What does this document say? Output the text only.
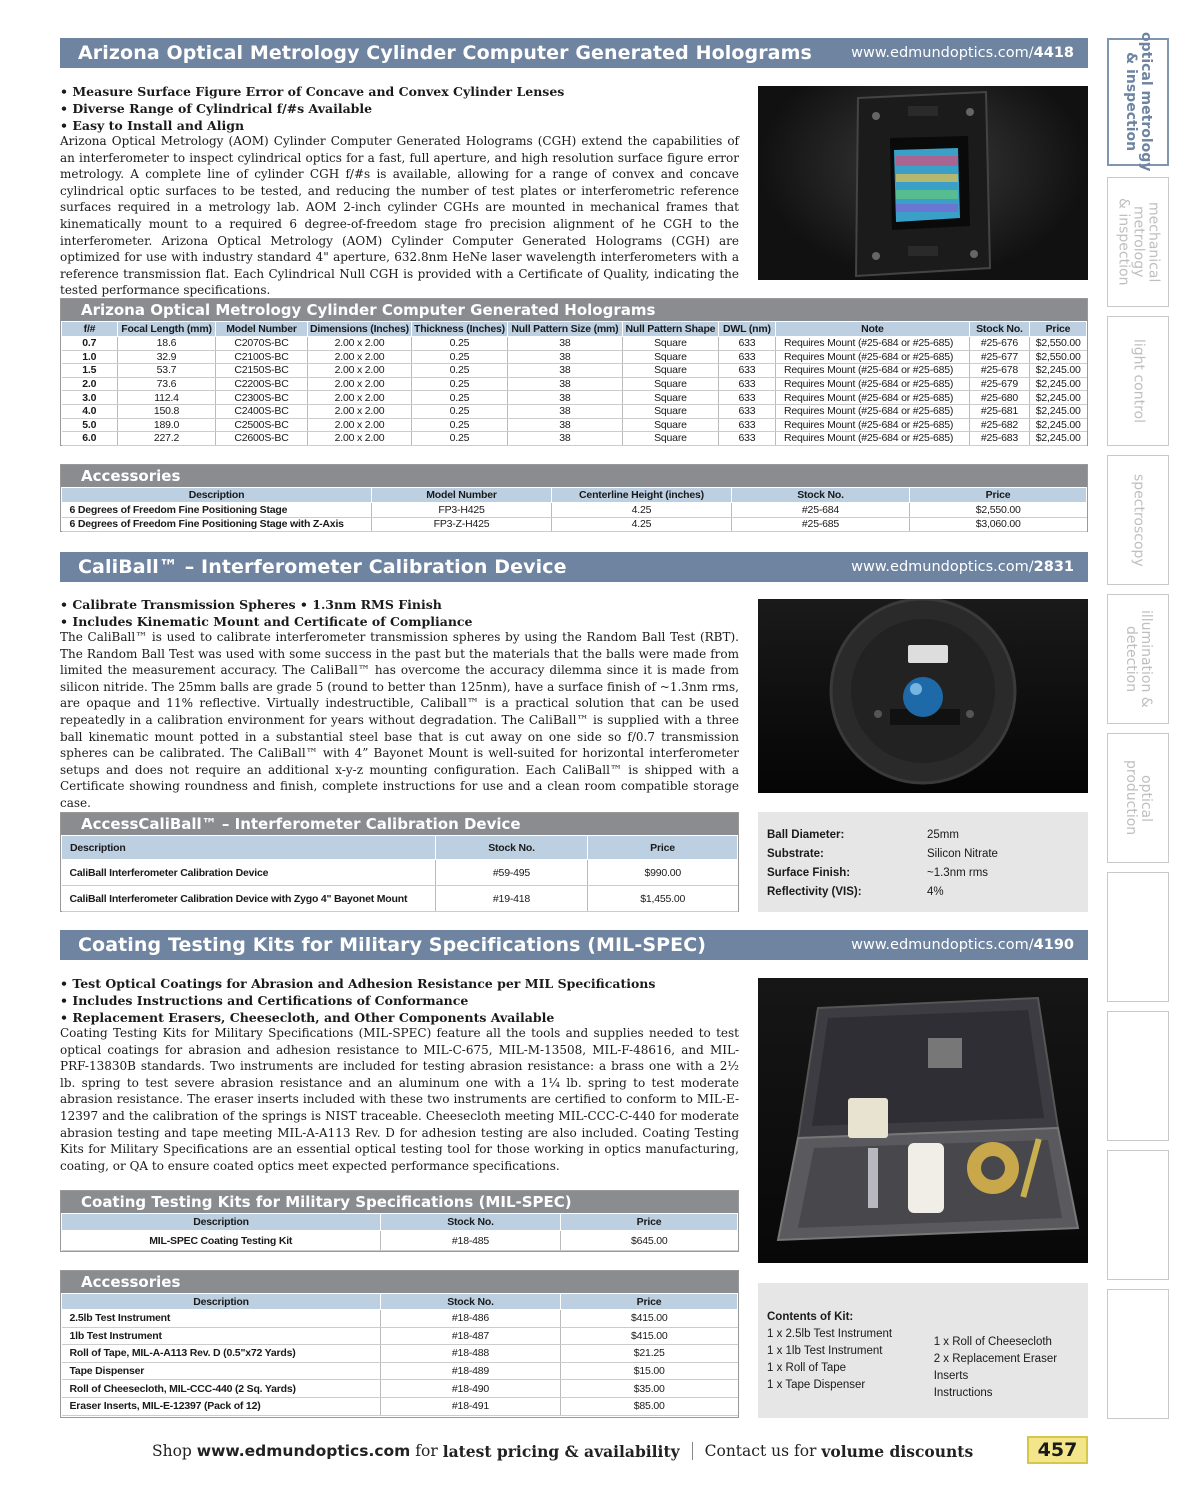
Arizona Optical Metrology Cylinder Computer Generated Holograms	www.edmundoptics.com/4418
• Measure Surface Figure Error of Concave and Convex Cylinder Lenses
• Diverse Range of Cylindrical f/#s Available
• Easy to Install and Align
Arizona Optical Metrology (AOM) Cylinder Computer Generated Holograms (CGH) extend the capabilities of an interferometer to inspect cylindrical optics for a fast, full aperture, and high resolution surface figure error metrology. A complete line of cylinder CGH f/#s is available, allowing for a range of convex and concave cylindrical optic surfaces to be tested, and reducing the number of test plates or interferometric reference surfaces required in a metrology lab. AOM 2-inch cylinder CGHs are mounted in mechanical frames that kinematically mount to a required 6 degree-of-freedom stage fro precision alignment of he CGH to the interferometer. Arizona Optical Metrology (AOM) Cylinder Computer Generated Holograms (CGH) are optimized for use with industry standard 4" aperture, 632.8nm HeNe laser wavelength interferometers with a reference transmission flat. Each Cylindrical Null CGH is provided with a Certificate of Quality, indicating the tested performance specifications.
Arizona Optical Metrology Cylinder Computer Generated Holograms
f/#	Focal Length (mm)	Model Number	Dimensions (Inches)	Thickness (Inches)	Null Pattern Size (mm)	Null Pattern Shape	DWL (nm)	Note	Stock No.	Price
0.7	18.6	C2070S-BC	2.00 x 2.00	0.25	38	Square	633	Requires Mount (#25-684 or #25-685)	#25-676	$2,550.00
1.0	32.9	C2100S-BC	2.00 x 2.00	0.25	38	Square	633	Requires Mount (#25-684 or #25-685)	#25-677	$2,550.00
1.5	53.7	C2150S-BC	2.00 x 2.00	0.25	38	Square	633	Requires Mount (#25-684 or #25-685)	#25-678	$2,245.00
2.0	73.6	C2200S-BC	2.00 x 2.00	0.25	38	Square	633	Requires Mount (#25-684 or #25-685)	#25-679	$2,245.00
3.0	112.4	C2300S-BC	2.00 x 2.00	0.25	38	Square	633	Requires Mount (#25-684 or #25-685)	#25-680	$2,245.00
4.0	150.8	C2400S-BC	2.00 x 2.00	0.25	38	Square	633	Requires Mount (#25-684 or #25-685)	#25-681	$2,245.00
5.0	189.0	C2500S-BC	2.00 x 2.00	0.25	38	Square	633	Requires Mount (#25-684 or #25-685)	#25-682	$2,245.00
6.0	227.2	C2600S-BC	2.00 x 2.00	0.25	38	Square	633	Requires Mount (#25-684 or #25-685)	#25-683	$2,245.00
Accessories
Description	Model Number	Centerline Height (inches)	Stock No.	Price
6 Degrees of Freedom Fine Positioning Stage	FP3-H425	4.25	#25-684	$2,550.00
6 Degrees of Freedom Fine Positioning Stage with Z-Axis	FP3-Z-H425	4.25	#25-685	$3,060.00
CaliBall™ – Interferometer Calibration Device	www.edmundoptics.com/2831
• Calibrate Transmission Spheres • 1.3nm RMS Finish
• Includes Kinematic Mount and Certificate of Compliance
The CaliBall™ is used to calibrate interferometer transmission spheres by using the Random Ball Test (RBT). The Random Ball Test was used with some success in the past but the materials that the balls were made from limited the measurement accuracy. The CaliBall™ has overcome the accuracy dilemma since it is made from silicon nitride. The 25mm balls are grade 5 (round to better than 125nm), have a surface finish of ~1.3nm rms, are opaque and 11% reflective. Virtually indestructible, Caliball™ is a practical solution that can be used repeatedly in a calibration environment for years without degradation. The CaliBall™ is supplied with a three ball kinematic mount potted in a substantial steel base that is cut away on one side so f/0.7 transmission spheres can be calibrated. The CaliBall™ with 4” Bayonet Mount is well-suited for horizontal interferometer setups and does not require an additional x-y-z mounting configuration. Each CaliBall™ is shipped with a Certificate showing roundness and finish, complete instructions for use and a clean room compatible storage case.
AccessCaliBall™ – Interferometer Calibration Device
Description	Stock No.	Price
CaliBall Interferometer Calibration Device	#59-495	$990.00
CaliBall Interferometer Calibration Device with Zygo 4" Bayonet Mount	#19-418	$1,455.00
Ball Diameter:	25mm
Substrate:	Silicon Nitrate
Surface Finish:	~1.3nm rms
Reflectivity (VIS):	4%
Coating Testing Kits for Military Specifications (MIL-SPEC)	www.edmundoptics.com/4190
• Test Optical Coatings for Abrasion and Adhesion Resistance per MIL Specifications
• Includes Instructions and Certifications of Conformance
• Replacement Erasers, Cheesecloth, and Other Components Available
Coating Testing Kits for Military Specifications (MIL-SPEC) feature all the tools and supplies needed to test optical coatings for abrasion and adhesion resistance to MIL-C-675, MIL-M-13508, MIL-F-48616, and MIL-PRF-13830B standards. Two instruments are included for testing abrasion resistance: a brass one with a 2½ lb. spring to test severe abrasion resistance and an aluminum one with a 1¼ lb. spring to test moderate abrasion resistance. The eraser inserts included with these two instruments are certified to conform to MIL-E-12397 and the calibration of the springs is NIST traceable. Cheesecloth meeting MIL-CCC-C-440 for moderate abrasion testing and tape meeting MIL-A-A113 Rev. D for adhesion testing are also included. Coating Testing Kits for Military Specifications are an essential optical testing tool for those working in optics manufacturing, coating, or QA to ensure coated optics meet expected performance specifications.
Coating Testing Kits for Military Specifications (MIL-SPEC)
Description	Stock No.	Price
MIL-SPEC Coating Testing Kit	#18-485	$645.00
Accessories
Description	Stock No.	Price
2.5lb Test Instrument	#18-486	$415.00
1lb Test Instrument	#18-487	$415.00
Roll of Tape, MIL-A-A113 Rev. D (0.5"x72 Yards)	#18-488	$21.25
Tape Dispenser	#18-489	$15.00
Roll of Cheesecloth, MIL-CCC-440 (2 Sq. Yards)	#18-490	$35.00
Eraser Inserts, MIL-E-12397 (Pack of 12)	#18-491	$85.00
Contents of Kit:
1 x 2.5lb Test Instrument
1 x 1lb Test Instrument
1 x Roll of Tape
1 x Tape Dispenser
1 x Roll of Cheesecloth
2 x Replacement Eraser Inserts
Instructions
optical metrology
& inspection
mechanical
metrology
& inspection
light control
spectroscopy
illumination &
detection
optical
production
Shop www.edmundoptics.com for latest pricing & availability Contact us for volume discounts	457
